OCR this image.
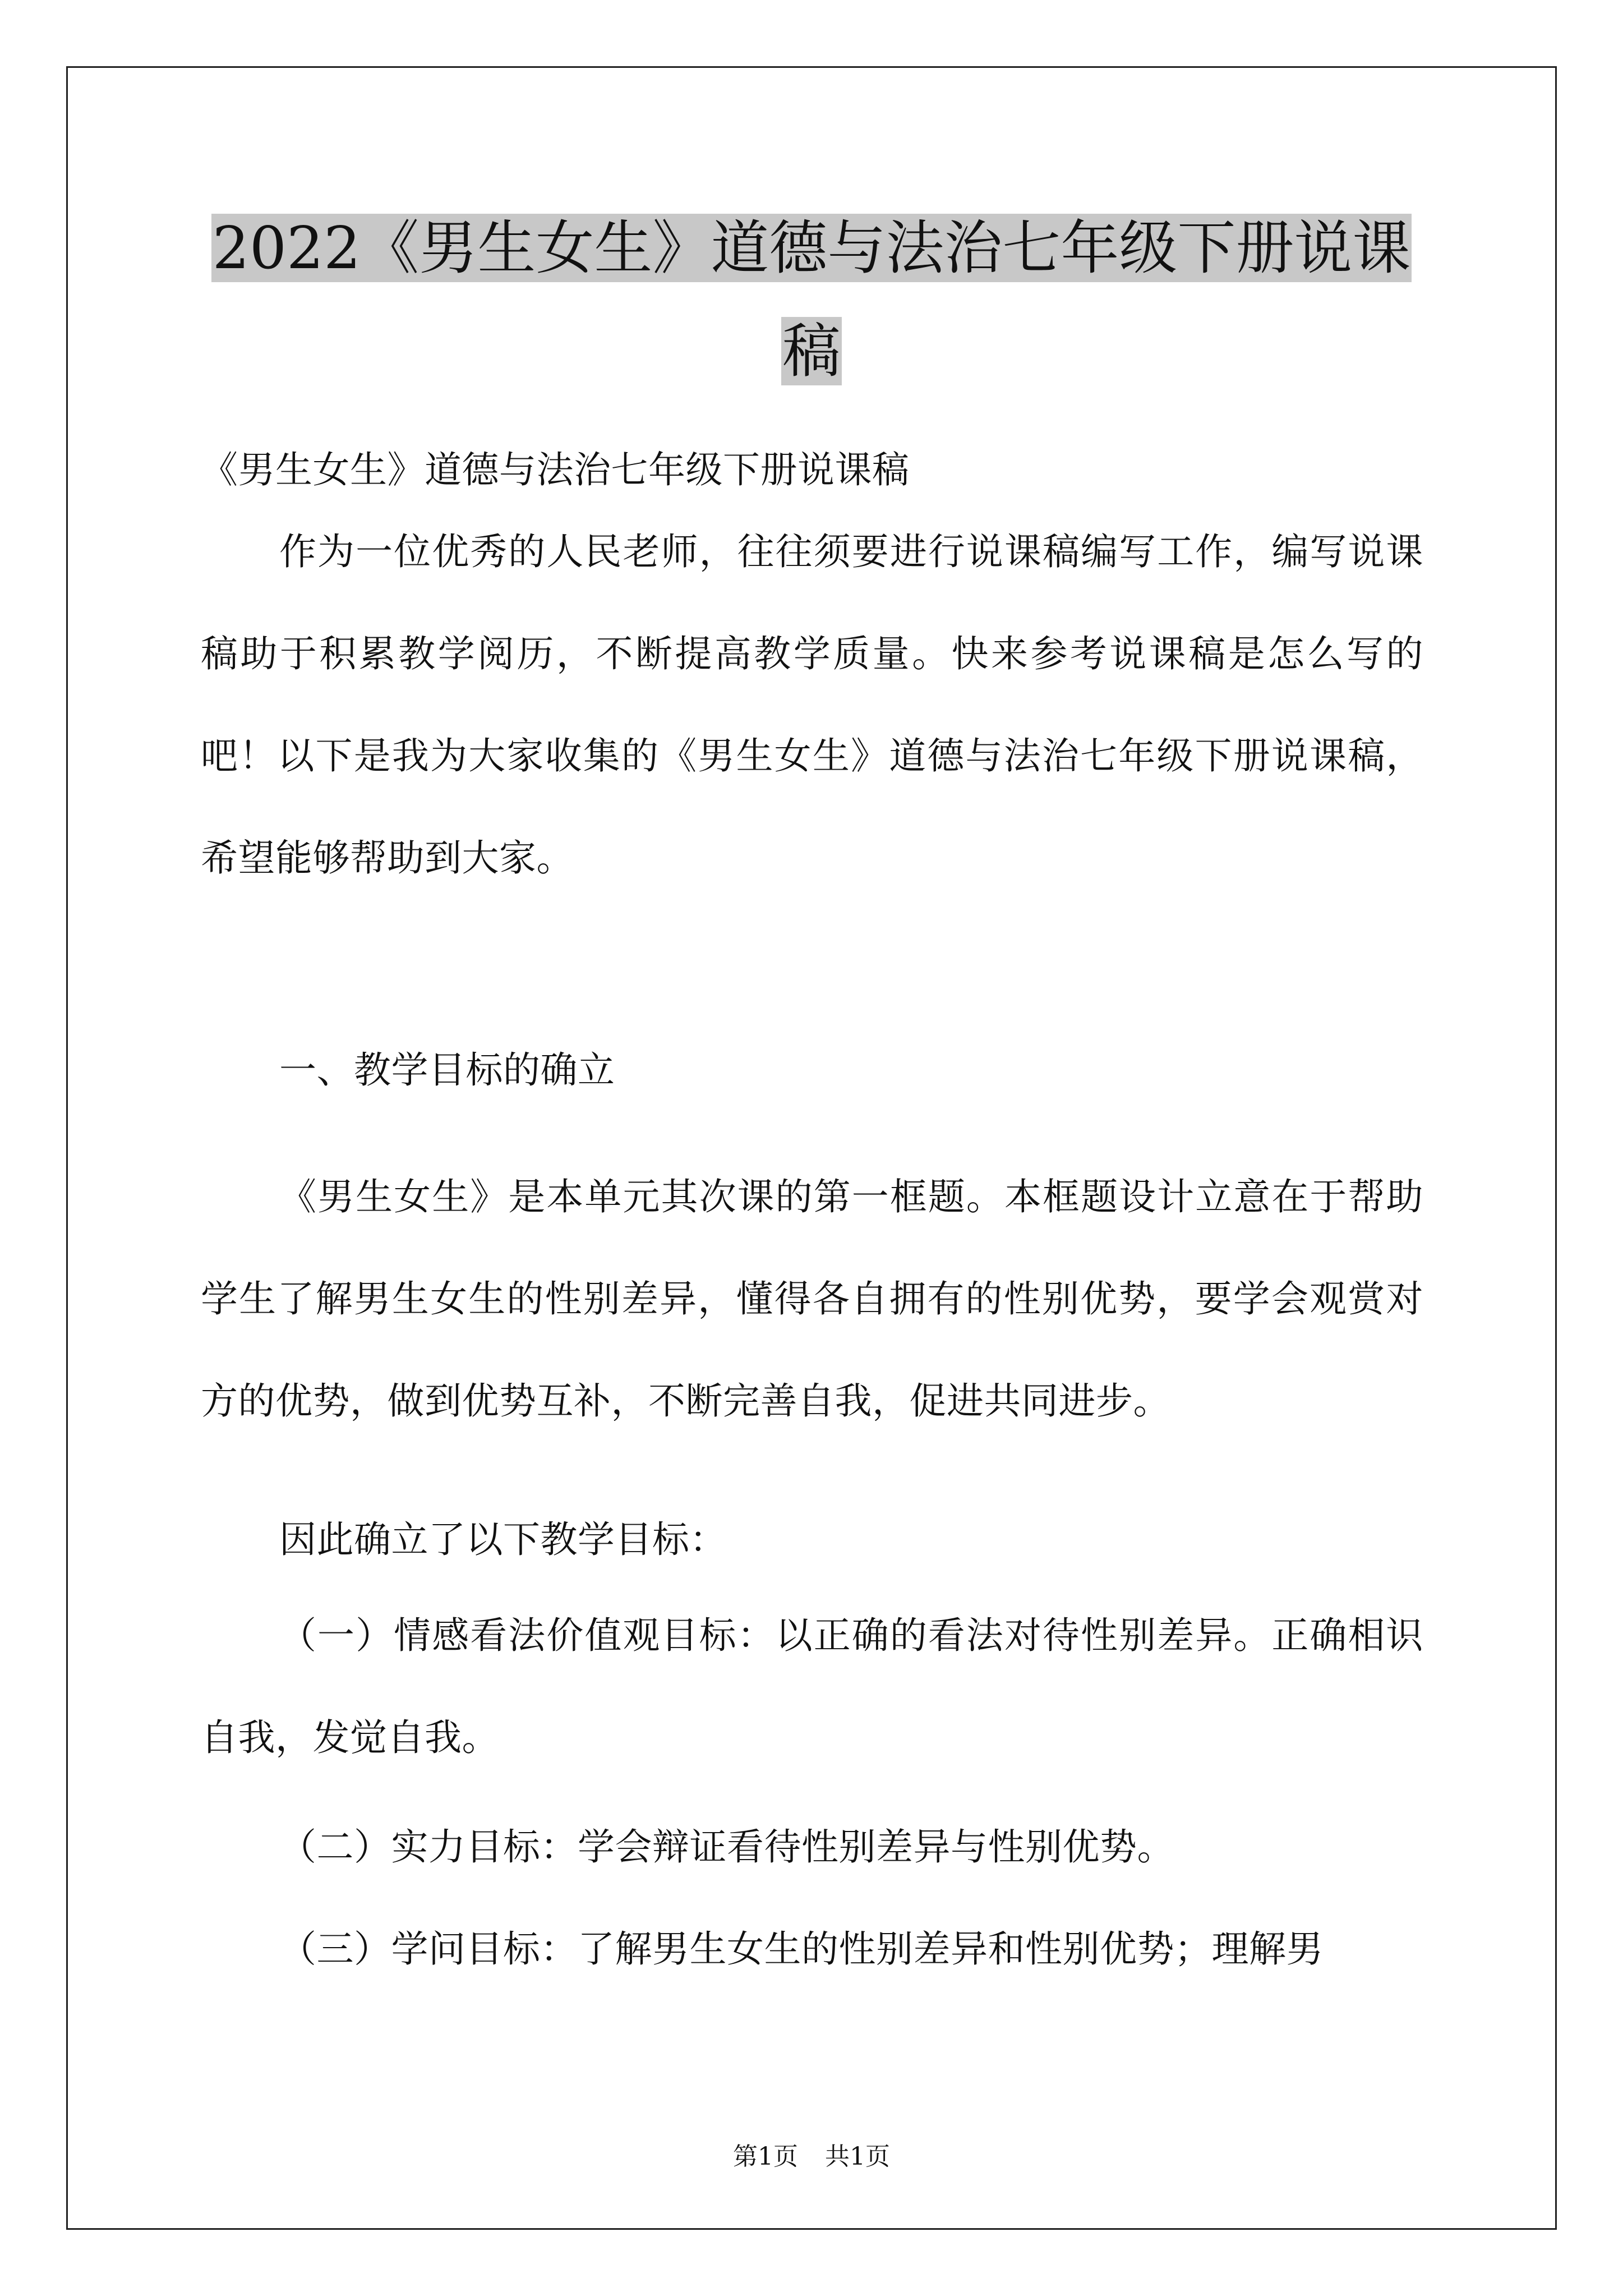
2022《男生女生》道德与法治七年级下册说课
稿

《男生女生》道德与法治七年级下册说课稿

作为一位优秀的人民老师，往往须要进行说课稿编写工作，编写说课稿助于积累教学阅历，不断提高教学质量。快来参考说课稿是怎么写的吧！以下是我为大家收集的《男生女生》道德与法治七年级下册说课稿，希望能够帮助到大家。

一、教学目标的确立

《男生女生》是本单元其次课的第一框题。本框题设计立意在于帮助学生了解男生女生的性别差异，懂得各自拥有的性别优势，要学会观赏对方的优势，做到优势互补，不断完善自我，促进共同进步。

因此确立了以下教学目标：

（一）情感看法价值观目标：以正确的看法对待性别差异。正确相识自我，发觉自我。

（二）实力目标：学会辩证看待性别差异与性别优势。

（三）学问目标：了解男生女生的性别差异和性别优势；理解男

第1页 共1页
